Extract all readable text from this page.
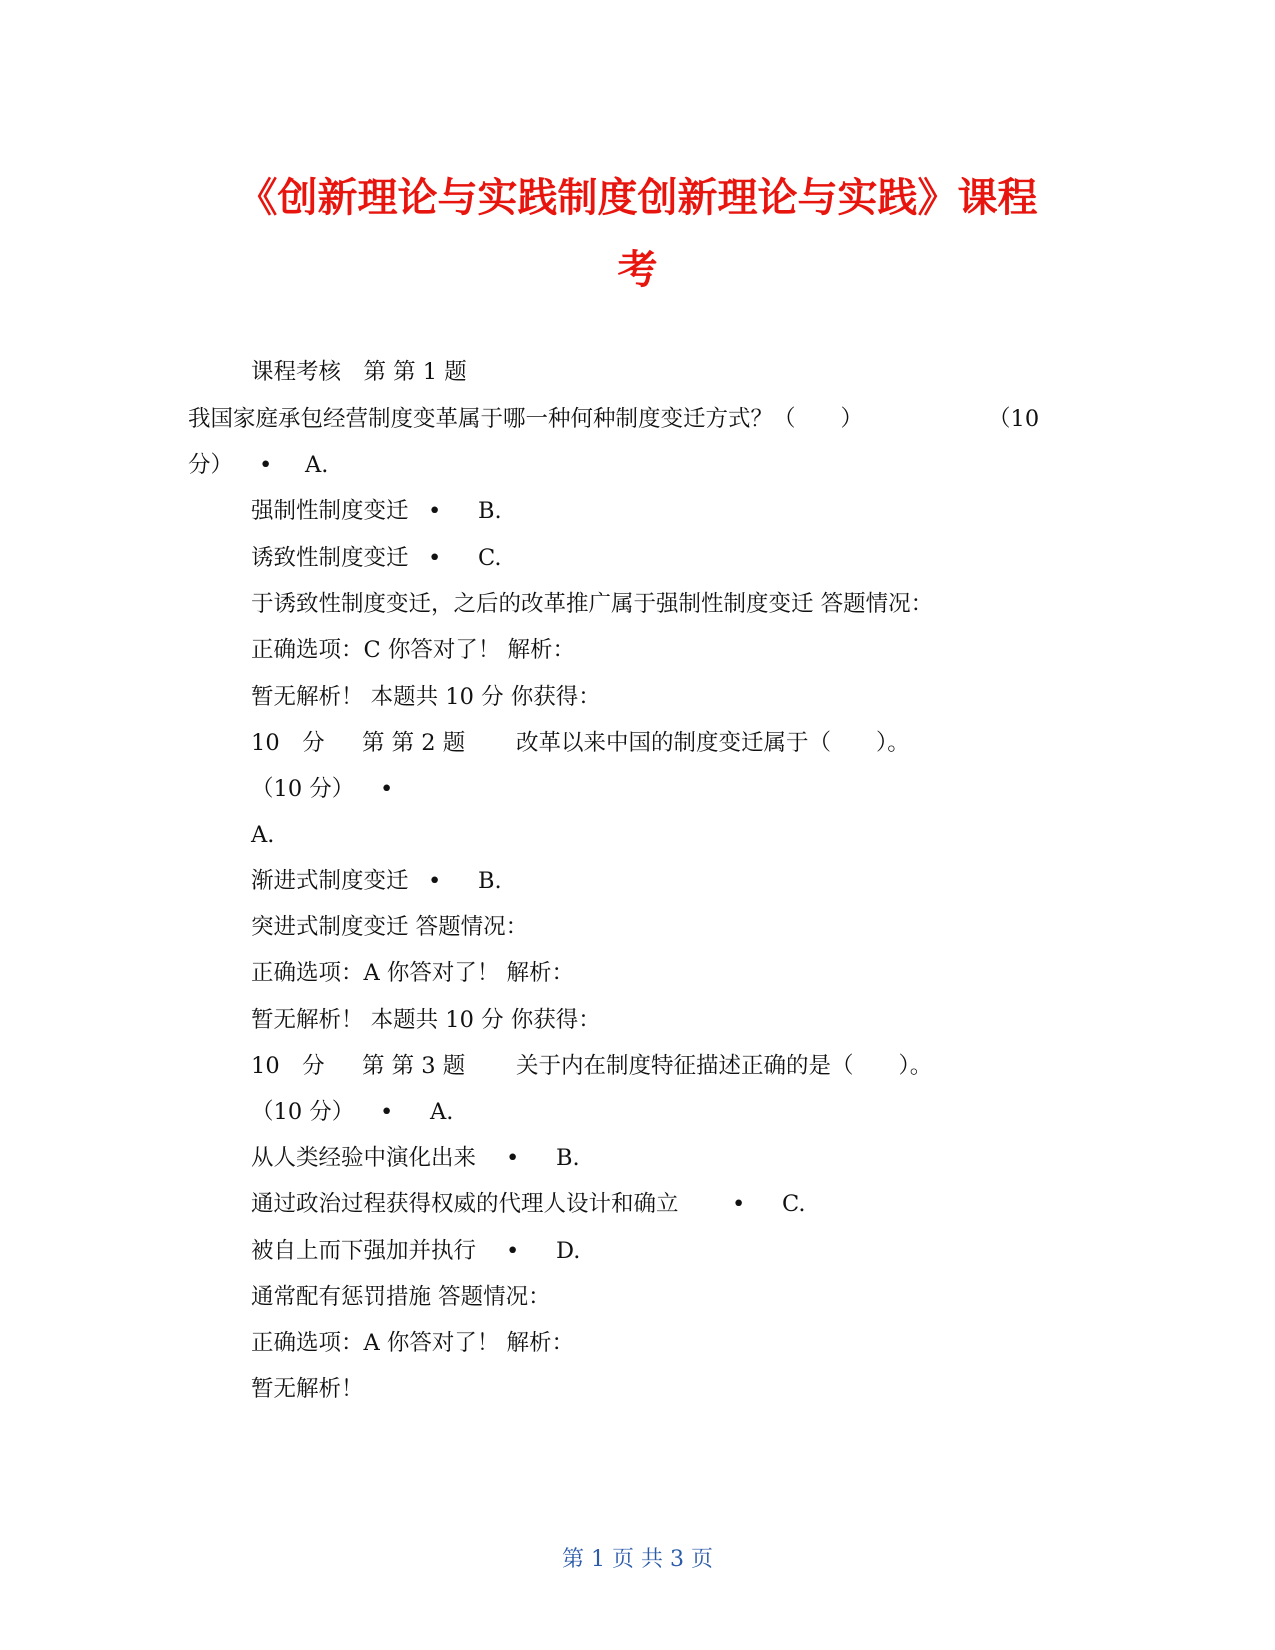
《创新理论与实践制度创新理论与实践》课程
考
课程考核　第 第 1 题
我国家庭承包经营制度变革属于哪一种何种制度变迁方式？（　　）	（10
分） • A.
强制性制度变迁 • B.
诱致性制度变迁 • C.
于诱致性制度变迁，之后的改革推广属于强制性制度变迁 答题情况：
正确选项：C 你答对了！ 解析：
暂无解析！ 本题共 10 分 你获得：
10　分 第 第 2 题 改革以来中国的制度变迁属于（　　）。
（10 分） •
A.
渐进式制度变迁 • B.
突进式制度变迁 答题情况：
正确选项：A 你答对了！ 解析：
暂无解析！ 本题共 10 分 你获得：
10　分 第 第 3 题 关于内在制度特征描述正确的是（　　）。
（10 分） • A.
从人类经验中演化出来 • B.
通过政治过程获得权威的代理人设计和确立 • C.
被自上而下强加并执行 • D.
通常配有惩罚措施 答题情况：
正确选项：A 你答对了！ 解析：
暂无解析！
第 1 页 共 3 页
